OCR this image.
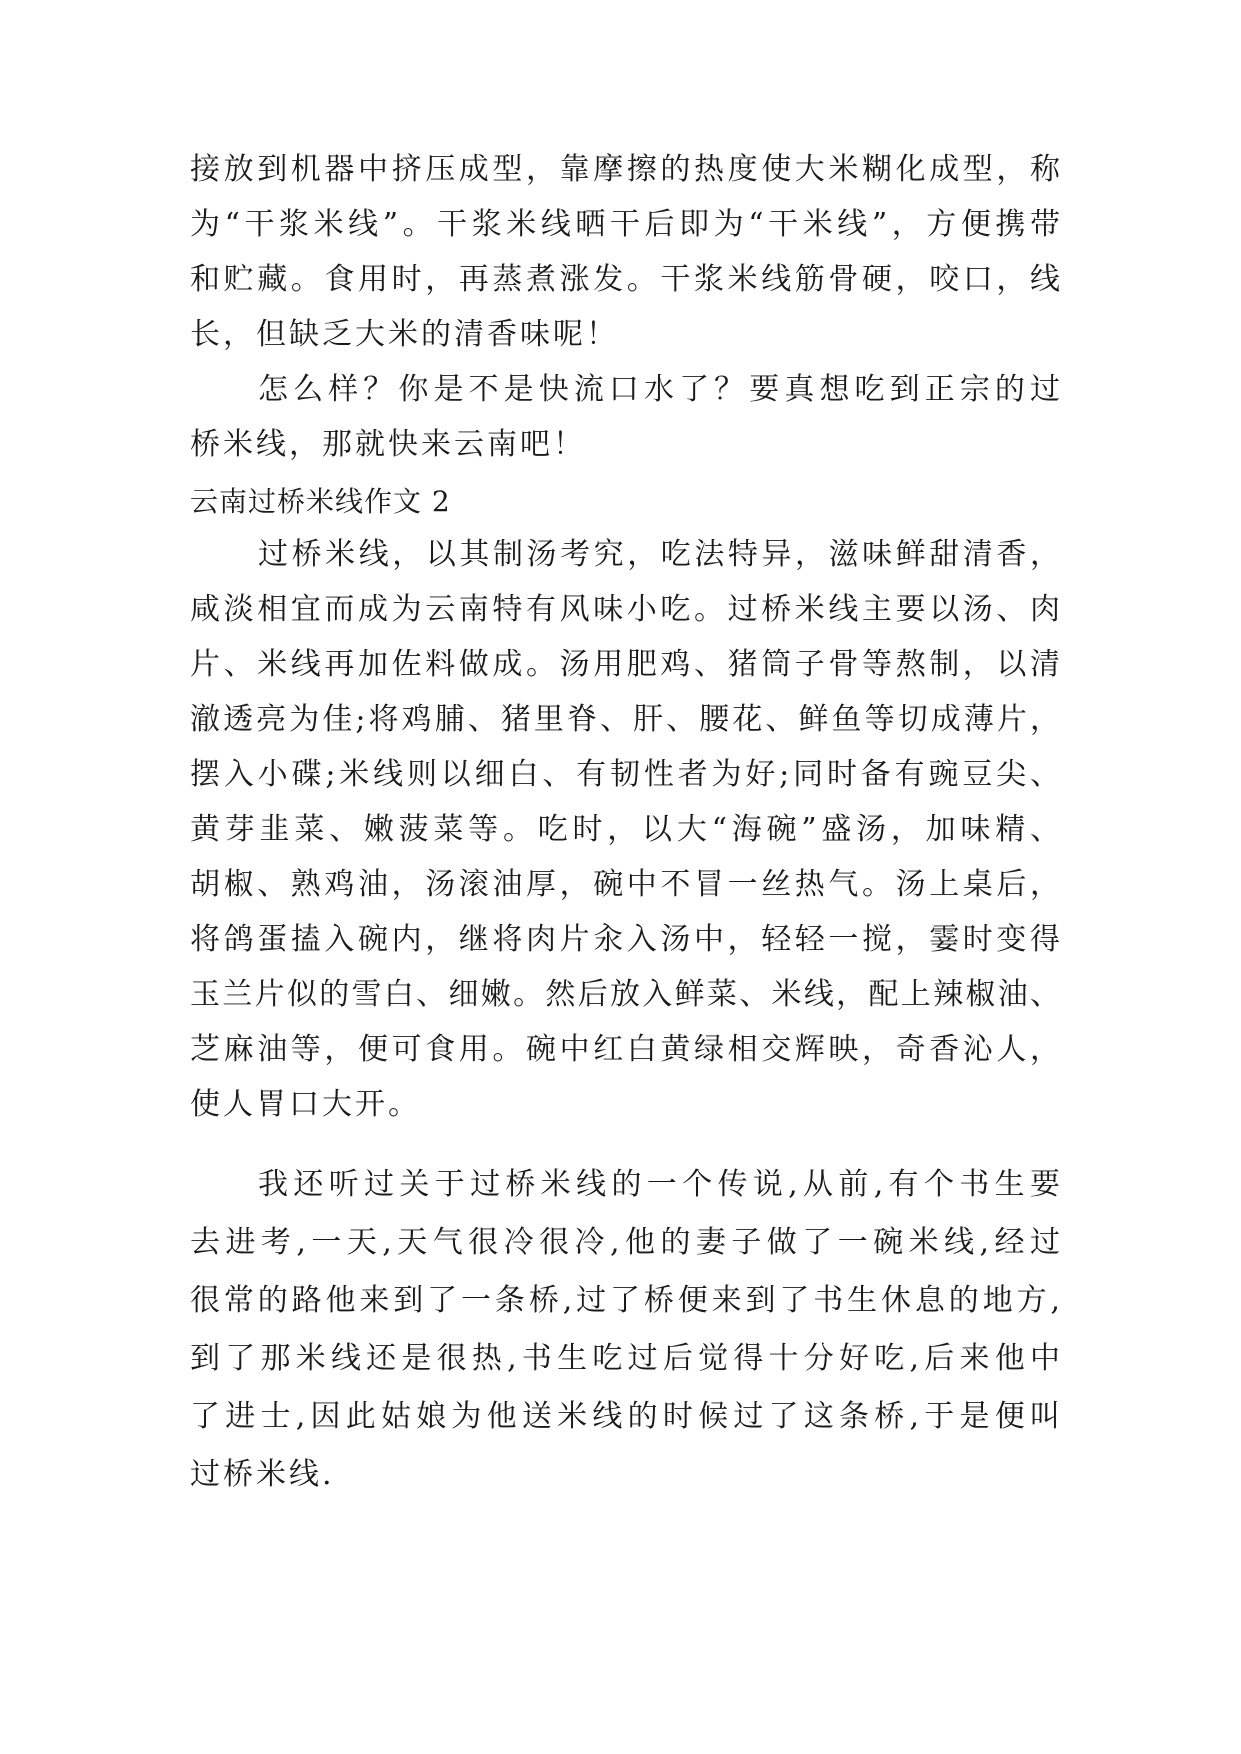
接放到机器中挤压成型，靠摩擦的热度使大米糊化成型，称
为“干浆米线”。干浆米线晒干后即为“干米线”，方便携带
和贮藏。食用时，再蒸煮涨发。干浆米线筋骨硬，咬口，线
长，但缺乏大米的清香味呢！
怎么样？你是不是快流口水了？要真想吃到正宗的过
桥米线，那就快来云南吧！
云南过桥米线作文 2
过桥米线，以其制汤考究，吃法特异，滋味鲜甜清香，
咸淡相宜而成为云南特有风味小吃。过桥米线主要以汤、肉
片、米线再加佐料做成。汤用肥鸡、猪筒子骨等熬制，以清
澈透亮为佳;将鸡脯、猪里脊、肝、腰花、鲜鱼等切成薄片，
摆入小碟;米线则以细白、有韧性者为好;同时备有豌豆尖、
黄芽韭菜、嫩菠菜等。吃时，以大“海碗”盛汤，加味精、
胡椒、熟鸡油，汤滚油厚，碗中不冒一丝热气。汤上桌后，
将鸽蛋搕入碗内，继将肉片汆入汤中，轻轻一搅，霎时变得
玉兰片似的雪白、细嫩。然后放入鲜菜、米线，配上辣椒油、
芝麻油等，便可食用。碗中红白黄绿相交辉映，奇香沁人，
使人胃口大开。
我还听过关于过桥米线的一个传说,从前,有个书生要
去进考,一天,天气很冷很冷,他的妻子做了一碗米线,经过
很常的路他来到了一条桥,过了桥便来到了书生休息的地方,
到了那米线还是很热,书生吃过后觉得十分好吃,后来他中
了进士,因此姑娘为他送米线的时候过了这条桥,于是便叫
过桥米线.
